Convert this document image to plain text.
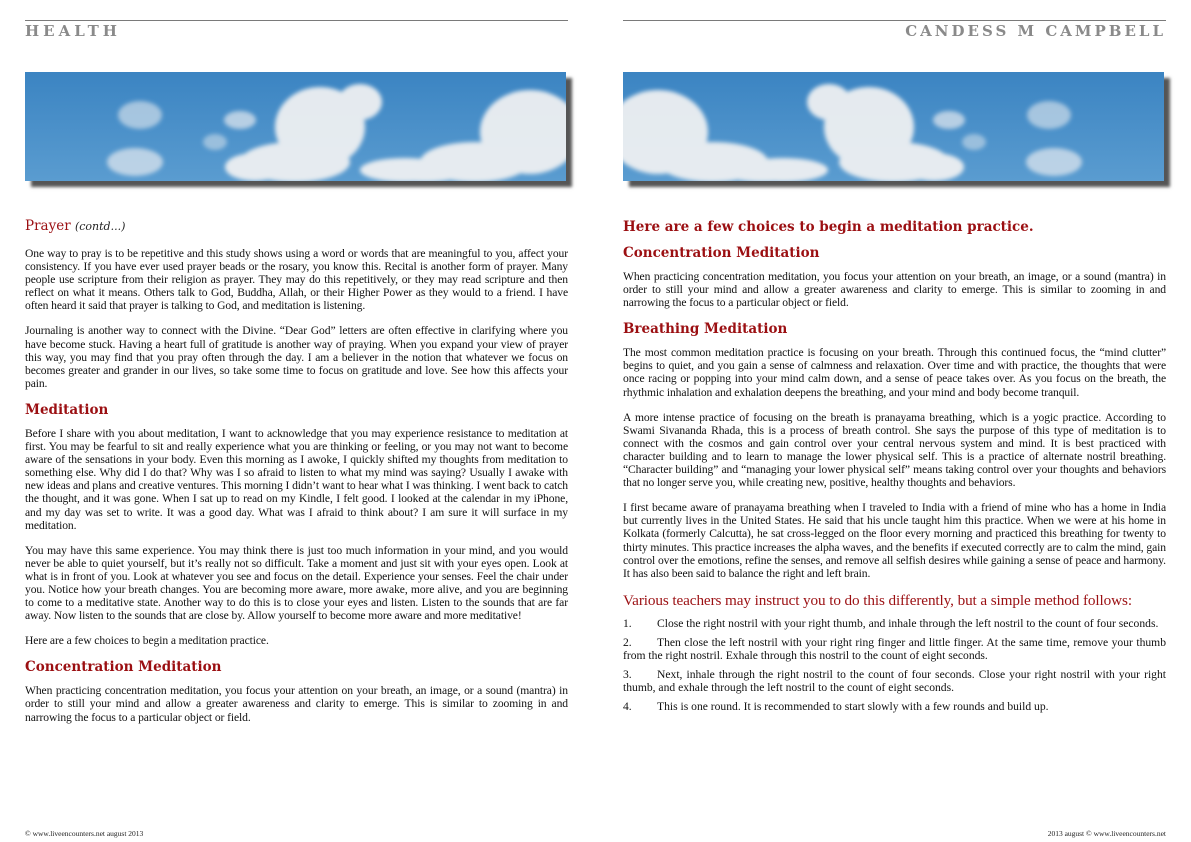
HEALTH
Prayer (contd...)

One way to pray is to be repetitive and this study shows using a word or words that are meaningful to you, affect your consistency. If you have ever used prayer beads or the rosary, you know this. Recital is another form of prayer. Many people use scripture from their religion as prayer. They may do this repetitively, or they may read scripture and then reflect on what it means. Others talk to God, Buddha, Allah, or their Higher Power as they would to a friend. I have often heard it said that prayer is talking to God, and meditation is listening.

Journaling is another way to connect with the Divine. “Dear God” letters are often effective in clarifying where you have become stuck. Having a heart full of gratitude is another way of praying. When you expand your view of prayer this way, you may find that you pray often through the day. I am a believer in the notion that whatever we focus on becomes greater and grander in our lives, so take some time to focus on gratitude and love. See how this affects your pain.

Meditation

Before I share with you about meditation, I want to acknowledge that you may experience resistance to meditation at first. You may be fearful to sit and really experience what you are thinking or feeling, or you may not want to become aware of the sensations in your body. Even this morning as I awoke, I quickly shifted my thoughts from meditation to something else. Why did I do that? Why was I so afraid to listen to what my mind was saying? Usually I awake with new ideas and plans and creative ventures. This morning I didn’t want to hear what I was thinking. I went back to catch the thought, and it was gone. When I sat up to read on my Kindle, I felt good. I looked at the calendar in my iPhone, and my day was set to write. It was a good day. What was I afraid to think about? I am sure it will surface in my meditation.

You may have this same experience. You may think there is just too much information in your mind, and you would never be able to quiet yourself, but it’s really not so difficult. Take a moment and just sit with your eyes open. Look at what is in front of you. Look at whatever you see and focus on the detail. Experience your senses. Feel the chair under you. Notice how your breath changes. You are becoming more aware, more awake, more alive, and you are beginning to come to a meditative state. Another way to do this is to close your eyes and listen. Listen to the sounds that are far away. Now listen to the sounds that are close by. Allow yourself to become more aware and more meditative!

Here are a few choices to begin a meditation practice.

Concentration Meditation

When practicing concentration meditation, you focus your attention on your breath, an image, or a sound (mantra) in order to still your mind and allow a greater awareness and clarity to emerge. This is similar to zooming in and narrowing the focus to a particular object or field.

© www.liveencounters.net august 2013
CANDESS M CAMPBELL
Here are a few choices to begin a meditation practice.
Concentration Meditation

When practicing concentration meditation, you focus your attention on your breath, an image, or a sound (mantra) in order to still your mind and allow a greater awareness and clarity to emerge. This is similar to zooming in and narrowing the focus to a particular object or field.

Breathing Meditation

The most common meditation practice is focusing on your breath. Through this continued focus, the “mind clutter” begins to quiet, and you gain a sense of calmness and relaxation. Over time and with practice, the thoughts that were once racing or popping into your mind calm down, and a sense of peace takes over. As you focus on the breath, the rhythmic inhalation and exhalation deepens the breathing, and your mind and body become tranquil.

A more intense practice of focusing on the breath is pranayama breathing, which is a yogic practice. According to Swami Sivananda Rhada, this is a process of breath control. She says the purpose of this type of meditation is to connect with the cosmos and gain control over your central nervous system and mind. It is best practiced with character building and to learn to manage the lower physical self. This is a practice of alternate nostril breathing. “Character building” and “managing your lower physical self” means taking control over your thoughts and behaviors that no longer serve you, while creating new, positive, healthy thoughts and behaviors.

I first became aware of pranayama breathing when I traveled to India with a friend of mine who has a home in India but currently lives in the United States. He said that his uncle taught him this practice. When we were at his home in Kolkata (formerly Calcutta), he sat cross-legged on the floor every morning and practiced this breathing for twenty to thirty minutes. This practice increases the alpha waves, and the benefits if executed correctly are to calm the mind, gain control over the emotions, refine the senses, and remove all selfish desires while gaining a sense of peace and harmony. It has also been said to balance the right and left brain.

Various teachers may instruct you to do this differently, but a simple method follows:
1. Close the right nostril with your right thumb, and inhale through the left nostril to the count of four seconds.
2. Then close the left nostril with your right ring finger and little finger. At the same time, remove your thumb from the right nostril. Exhale through this nostril to the count of eight seconds.
3. Next, inhale through the right nostril to the count of four seconds. Close your right nostril with your right thumb, and exhale through the left nostril to the count of eight seconds.
4. This is one round. It is recommended to start slowly with a few rounds and build up.
2013 august © www.liveencounters.net
